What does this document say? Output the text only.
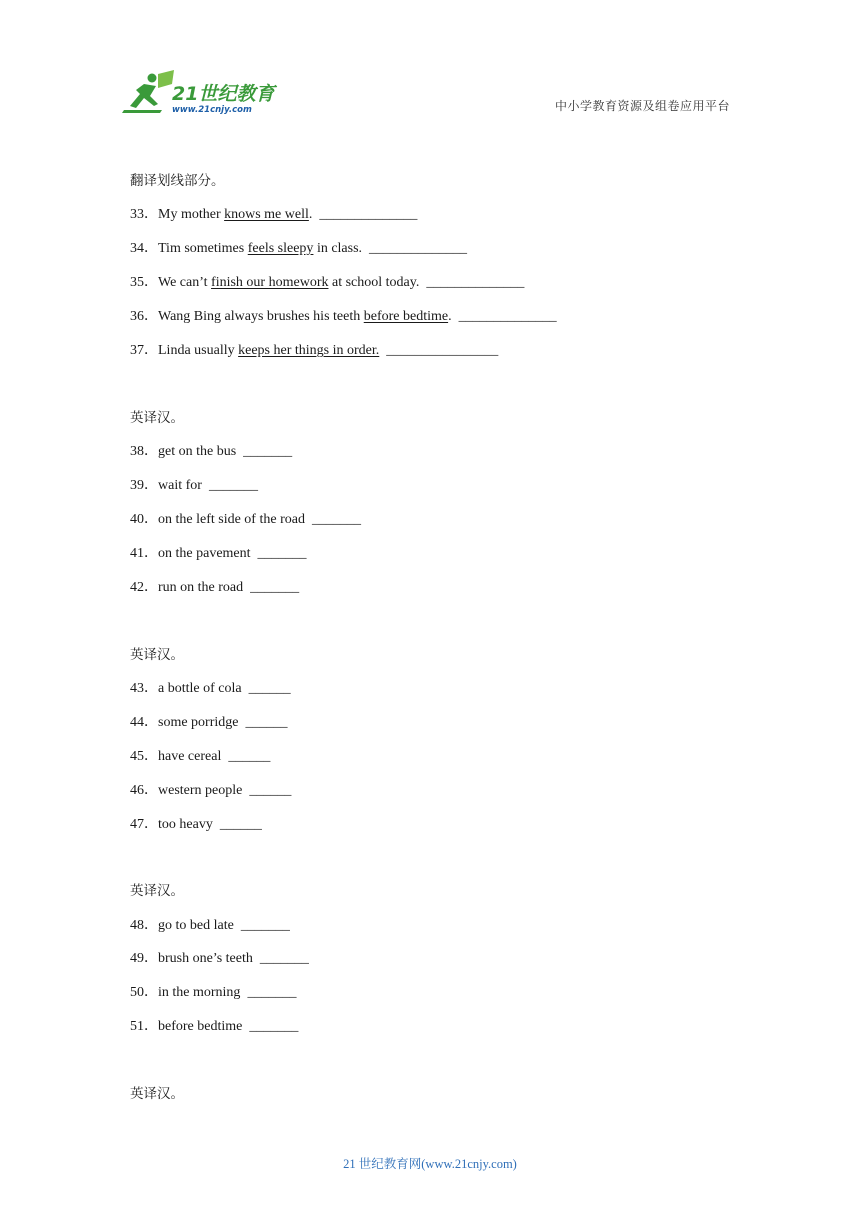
21世纪教育
www.21cnjy.com	中小学教育资源及组卷应用平台
翻译划线部分。
33．My mother knows me well. ______________
34．Tim sometimes feels sleepy in class. ______________
35．We can’t finish our homework at school today. ______________
36．Wang Bing always brushes his teeth before bedtime. ______________
37．Linda usually keeps her things in order. ________________
英译汉。
38．get on the bus _______
39．wait for _______
40．on the left side of the road _______
41．on the pavement _______
42．run on the road _______
英译汉。
43．a bottle of cola ______
44．some porridge ______
45．have cereal ______
46．western people ______
47．too heavy ______
英译汉。
48．go to bed late _______
49．brush one’s teeth _______
50．in the morning _______
51．before bedtime _______
英译汉。
21 世纪教育网(www.21cnjy.com)
